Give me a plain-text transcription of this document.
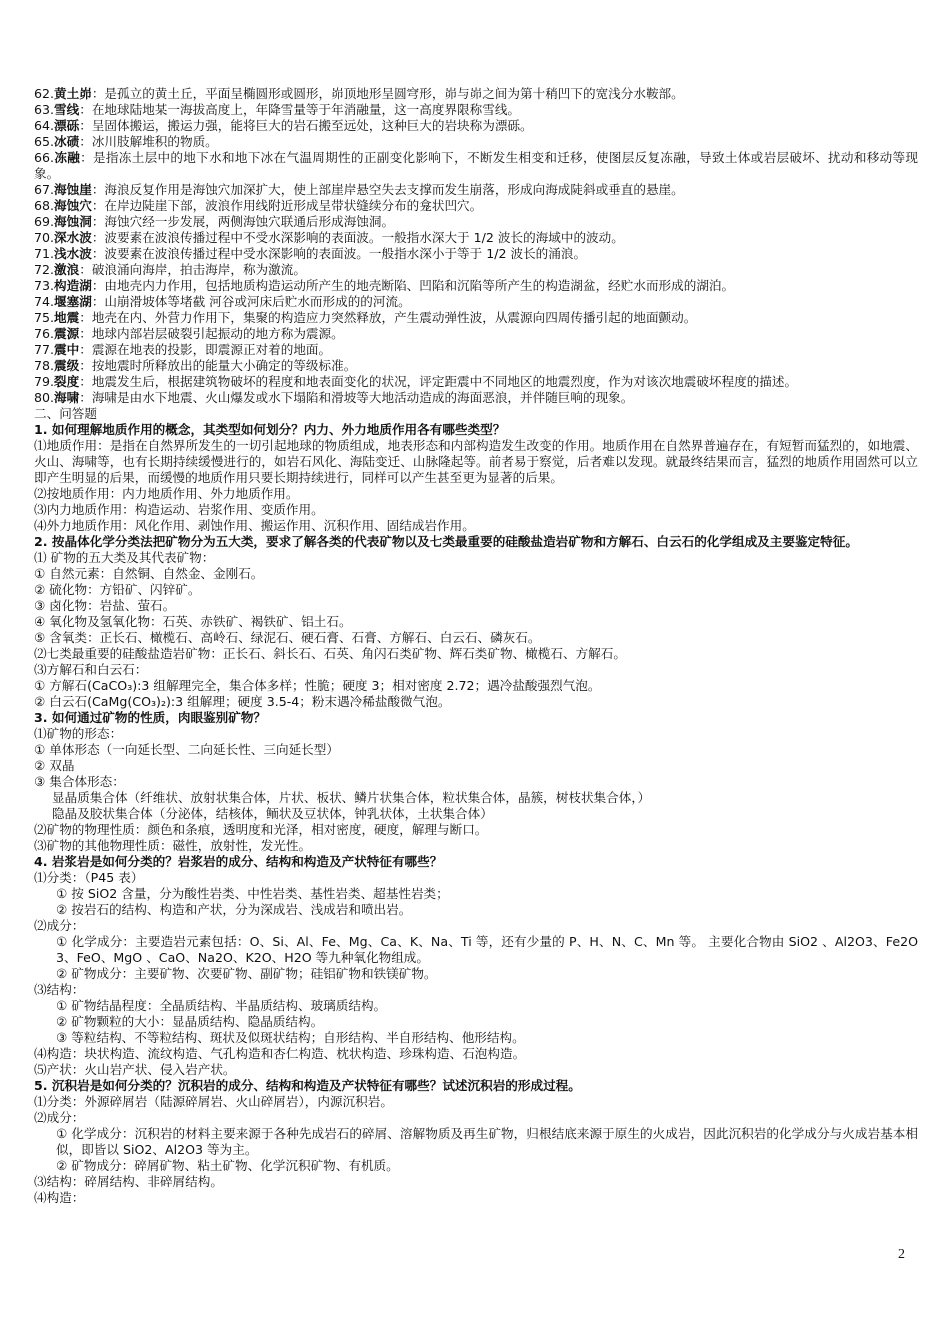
62.黄土峁：是孤立的黄土丘，平面呈椭圆形或圆形，峁顶地形呈圆穹形，峁与峁之间为第十稍凹下的宽浅分水鞍部。

63.雪线：在地球陆地某一海拔高度上，年降雪量等于年消融量，这一高度界限称雪线。

64.漂砾：呈固体搬运，搬运力强，能将巨大的岩石搬至远处，这种巨大的岩块称为漂砾。

65.冰碛：冰川肢解堆积的物质。

66.冻融：是指冻土层中的地下水和地下冰在气温周期性的正副变化影响下，不断发生相变和迁移，使图层反复冻融，导致土体或岩层破坏、扰动和移动等现象。

67.海蚀崖：海浪反复作用是海蚀穴加深扩大，使上部崖岸悬空失去支撑而发生崩落，形成向海成陡斜或垂直的悬崖。

68.海蚀穴：在岸边陡崖下部，波浪作用线附近形成呈带状缝续分布的龛状凹穴。

69.海蚀洞：海蚀穴经一步发展，两侧海蚀穴联通后形成海蚀洞。

70.深水波：波要素在波浪传播过程中不受水深影响的表面波。一般指水深大于 1/2 波长的海域中的波动。

71.浅水波：波要素在波浪传播过程中受水深影响的表面波。一般指水深小于等于 1/2 波长的涌浪。

72.激浪：破浪涌向海岸，拍击海岸，称为激流。

73.构造湖：由地壳内力作用，包括地质构造运动所产生的地壳断陷、凹陷和沉陷等所产生的构造湖盆，经贮水而形成的湖泊。

74.堰塞湖：山崩滑坡体等堵截 河谷或河床后贮水而形成的的河流。

75.地震：地壳在内、外营力作用下，集聚的构造应力突然释放，产生震动弹性波，从震源向四周传播引起的地面颤动。

76.震源：地球内部岩层破裂引起振动的地方称为震源。

77.震中：震源在地表的投影，即震源正对着的地面。

78.震级：按地震时所释放出的能量大小确定的等级标准。

79.裂度：地震发生后，根据建筑物破坏的程度和地表面变化的状况，评定距震中不同地区的地震烈度，作为对该次地震破坏程度的描述。

80.海啸：海啸是由水下地震、火山爆发或水下塌陷和滑坡等大地活动造成的海面恶浪，并伴随巨响的现象。

二、问答题

1. 如何理解地质作用的概念，其类型如何划分？内力、外力地质作用各有哪些类型？

⑴地质作用：是指在自然界所发生的一切引起地球的物质组成，地表形态和内部构造发生改变的作用。地质作用在自然界普遍存在，有短暂而猛烈的，如地震、火山、海啸等，也有长期持续缓慢进行的，如岩石风化、海陆变迁、山脉隆起等。前者易于察觉，后者难以发现。就最终结果而言，猛烈的地质作用固然可以立即产生明显的后果，而缓慢的地质作用只要长期持续进行，同样可以产生甚至更为显著的后果。

⑵按地质作用：内力地质作用、外力地质作用。

⑶内力地质作用：构造运动、岩浆作用、变质作用。

⑷外力地质作用：风化作用、剥蚀作用、搬运作用、沉积作用、固结成岩作用。

2. 按晶体化学分类法把矿物分为五大类，要求了解各类的代表矿物以及七类最重要的硅酸盐造岩矿物和方解石、白云石的化学组成及主要鉴定特征。

⑴ 矿物的五大类及其代表矿物：

① 自然元素：自然铜、自然金、金刚石。

② 硫化物：方铅矿、闪锌矿。

③ 卤化物：岩盐、萤石。

④ 氧化物及氢氧化物：石英、赤铁矿、褐铁矿、铝土石。

⑤ 含氧类：正长石、橄榄石、高岭石、绿泥石、硬石膏、石膏、方解石、白云石、磷灰石。

⑵七类最重要的硅酸盐造岩矿物：正长石、斜长石、石英、角闪石类矿物、辉石类矿物、橄榄石、方解石。

⑶方解石和白云石：

① 方解石(CaCO₃):3 组解理完全，集合体多样；性脆；硬度 3；相对密度 2.72；遇冷盐酸强烈气泡。

② 白云石(CaMg(CO₃)₂):3 组解理；硬度 3.5-4；粉末遇冷稀盐酸微气泡。

3. 如何通过矿物的性质，肉眼鉴别矿物？

⑴矿物的形态：

① 单体形态（一向延长型、二向延长性、三向延长型）

② 双晶

③ 集合体形态：

显晶质集合体（纤维状、放射状集合体，片状、板状、鳞片状集合体，粒状集合体，晶簇，树枝状集合体，）

隐晶及胶状集合体（分泌体，结核体，鲕状及豆状体，钟乳状体，土状集合体）

⑵矿物的物理性质：颜色和条痕，透明度和光泽，相对密度，硬度，解理与断口。

⑶矿物的其他物理性质：磁性，放射性，发光性。

4. 岩浆岩是如何分类的？岩浆岩的成分、结构和构造及产状特征有哪些？

⑴分类：（P45 表）

① 按 SiO2 含量，分为酸性岩类、中性岩类、基性岩类、超基性岩类；

② 按岩石的结构、构造和产状，分为深成岩、浅成岩和喷出岩。

⑵成分：

① 化学成分：主要造岩元素包括：O、Si、Al、Fe、Mg、Ca、K、Na、Ti 等，还有少量的 P、H、N、C、Mn 等。 主要化合物由 SiO2 、Al2O3、Fe2O3、FeO、MgO 、CaO、Na2O、K2O、H2O 等九种氧化物组成。

② 矿物成分：主要矿物、次要矿物、副矿物；硅铝矿物和铁镁矿物。

⑶结构：

① 矿物结晶程度：全晶质结构、半晶质结构、玻璃质结构。

② 矿物颗粒的大小：显晶质结构、隐晶质结构。

③ 等粒结构、不等粒结构、斑状及似斑状结构；自形结构、半自形结构、他形结构。

⑷构造：块状构造、流纹构造、气孔构造和杏仁构造、枕状构造、珍珠构造、石泡构造。

⑸产状：火山岩产状、侵入岩产状。

5. 沉积岩是如何分类的？沉积岩的成分、结构和构造及产状特征有哪些？试述沉积岩的形成过程。

⑴分类：外源碎屑岩（陆源碎屑岩、火山碎屑岩），内源沉积岩。

⑵成分：

① 化学成分：沉积岩的材料主要来源于各种先成岩石的碎屑、溶解物质及再生矿物，归根结底来源于原生的火成岩，因此沉积岩的化学成分与火成岩基本相似，即皆以 SiO2、Al2O3 等为主。

② 矿物成分：碎屑矿物、粘土矿物、化学沉积矿物、有机质。

⑶结构：碎屑结构、非碎屑结构。

⑷构造：

2
